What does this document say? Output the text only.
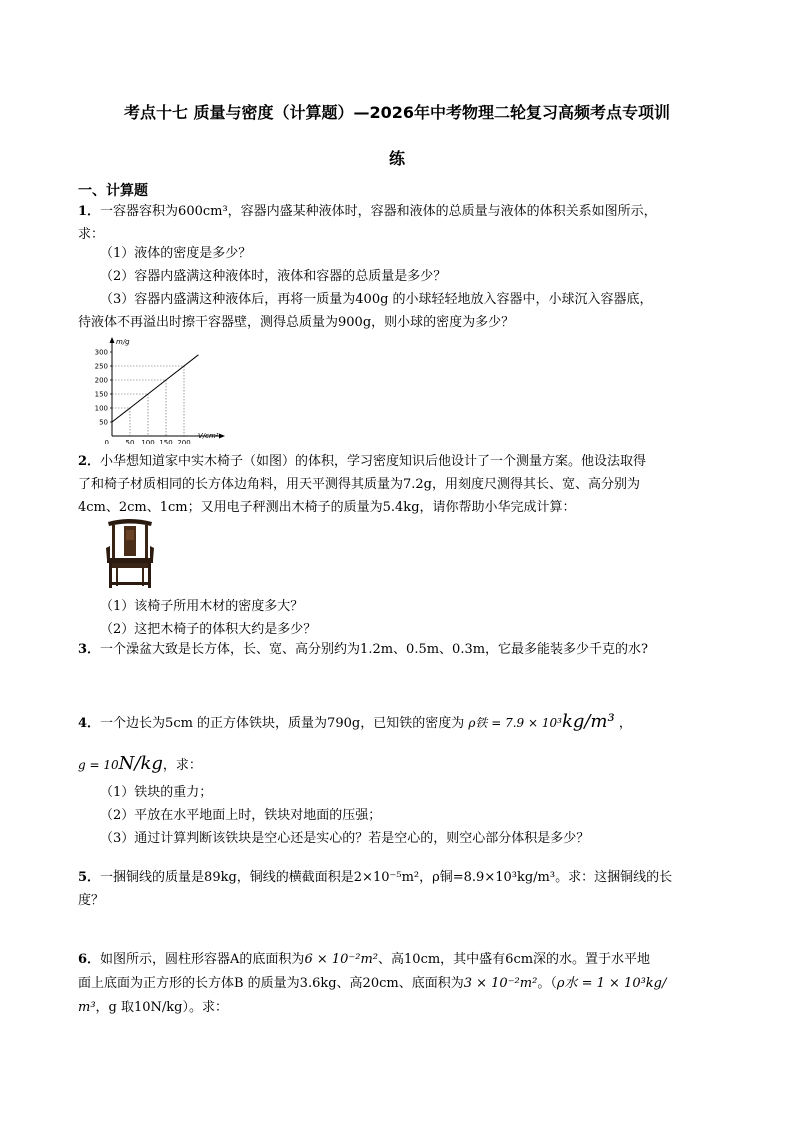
考点十七 质量与密度（计算题）—2026年中考物理二轮复习高频考点专项训
练
一、计算题
1．一容器容积为600cm³，容器内盛某种液体时，容器和液体的总质量与液体的体积关系如图所示，
求：
（1）液体的密度是多少？
（2）容器内盛满这种液体时，液体和容器的总质量是多少？
（3）容器内盛满这种液体后，再将一质量为400g 的小球轻轻地放入容器中，小球沉入容器底，
待液体不再溢出时擦干容器壁，测得总质量为900g，则小球的密度为多少？
50
100
150
200
250
300
50 100 150 200
m/g
V/cm³
0
2．小华想知道家中实木椅子（如图）的体积，学习密度知识后他设计了一个测量方案。他设法取得
了和椅子材质相同的长方体边角料，用天平测得其质量为7.2g，用刻度尺测得其长、宽、高分别为
4cm、2cm、1cm；又用电子秤测出木椅子的质量为5.4kg，请你帮助小华完成计算：
（1）该椅子所用木材的密度多大？
（2）这把木椅子的体积大约是多少？
3．一个澡盆大致是长方体，长、宽、高分别约为1.2m、0.5m、0.3m，它最多能装多少千克的水?
4．一个边长为5cm 的正方体铁块，质量为790g，已知铁的密度为 ρ铁 = 7.9 × 10³kg/m³ ，
g = 10N/kg，求：
（1）铁块的重力；
（2）平放在水平地面上时，铁块对地面的压强；
（3）通过计算判断该铁块是空心还是实心的？若是空心的，则空心部分体积是多少？
5．一捆铜线的质量是89kg，铜线的横截面积是2×10⁻⁵m²，ρ铜=8.9×10³kg/m³。求：这捆铜线的长
度？
6．如图所示，圆柱形容器A的底面积为6 × 10⁻²m²、高10cm，其中盛有6cm深的水。置于水平地
面上底面为正方形的长方体B 的质量为3.6kg、高20cm、底面积为3 × 10⁻²m²。（ρ水 = 1 × 10³kg/
m³，g 取10N/kg）。求：
